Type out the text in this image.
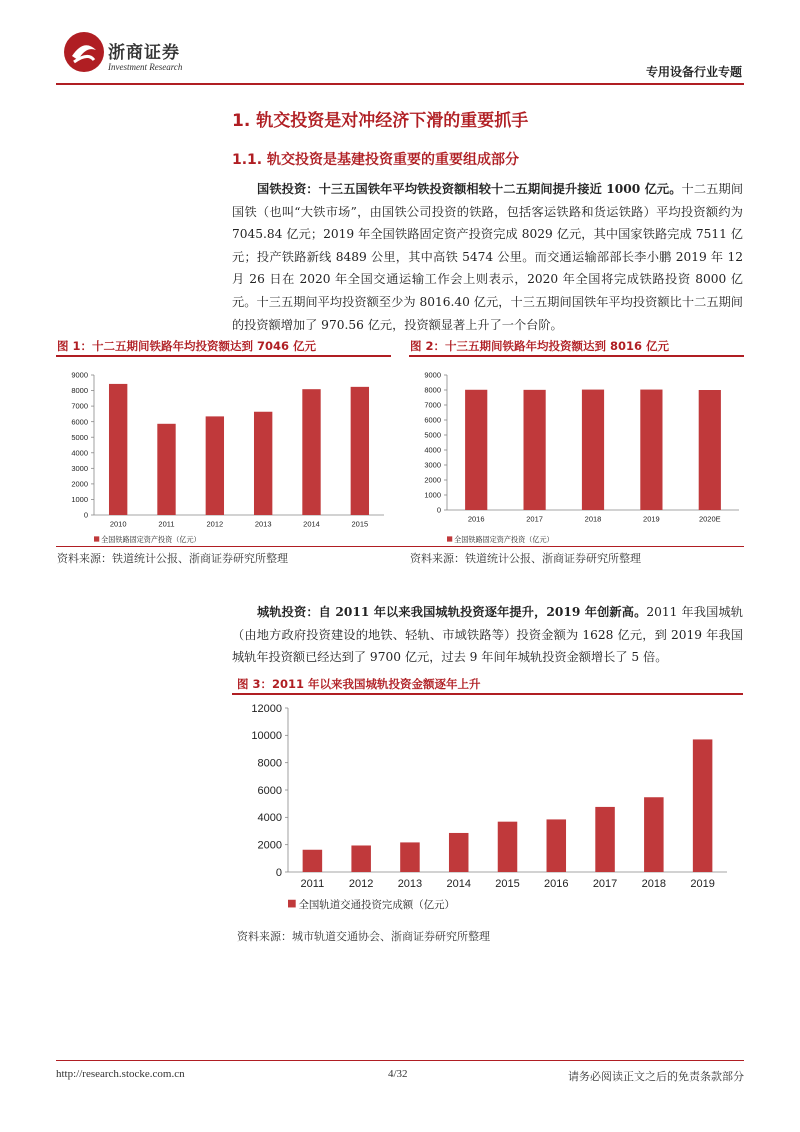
浙商证券
Investment Research	专用设备行业专题
1. 轨交投资是对冲经济下滑的重要抓手
1.1. 轨交投资是基建投资重要的重要组成部分
国铁投资：十三五国铁年平均铁投资额相较十二五期间提升接近 1000 亿元。十二五期间国铁（也叫“大铁市场”，由国铁公司投资的铁路，包括客运铁路和货运铁路）平均投资额约为 7045.84 亿元；2019 年全国铁路固定资产投资完成 8029 亿元，其中国家铁路完成 7511 亿元；投产铁路新线 8489 公里，其中高铁 5474 公里。而交通运输部部长李小鹏 2019 年 12 月 26 日在 2020 年全国交通运输工作会上则表示，2020 年全国将完成铁路投资 8000 亿元。十三五期间平均投资额至少为 8016.40 亿元，十三五期间国铁年平均投资额比十二五期间的投资额增加了 970.56 亿元，投资额显著上升了一个台阶。
图 1：十二五期间铁路年均投资额达到 7046 亿元	图 2：十三五期间铁路年均投资额达到 8016 亿元
0
1000
2000
3000
4000
5000
6000
7000
8000
9000
2010	2011	2012	2013	2014	2015
全国铁路固定资产投资（亿元）
0
1000
2000
3000
4000
5000
6000
7000
8000
9000
2016	2017	2018	2019	2020E
全国铁路固定资产投资（亿元）
资料来源：铁道统计公报、浙商证券研究所整理	资料来源：铁道统计公报、浙商证券研究所整理
城轨投资：自 2011 年以来我国城轨投资逐年提升，2019 年创新高。2011 年我国城轨（由地方政府投资建设的地铁、轻轨、市域铁路等）投资金额为 1628 亿元，到 2019 年我国城轨年投资额已经达到了 9700 亿元，过去 9 年间年城轨投资金额增长了 5 倍。
图 3：2011 年以来我国城轨投资金额逐年上升
0
2000
4000
6000
8000
10000
12000
2011 2012 2013 2014 2015 2016 2017 2018 2019
全国轨道交通投资完成额（亿元）
资料来源：城市轨道交通协会、浙商证券研究所整理
http://research.stocke.com.cn	4/32	请务必阅读正文之后的免责条款部分
